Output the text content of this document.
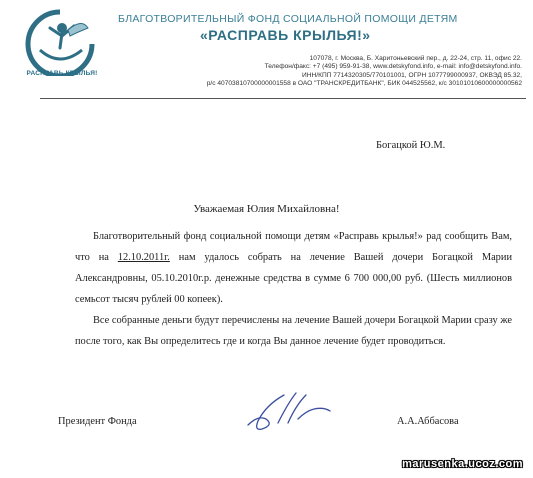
РАСПРАВЬ КРЫЛЬЯ!
БЛАГОТВОРИТЕЛЬНЫЙ ФОНД СОЦИАЛЬНОЙ ПОМОЩИ ДЕТЯМ
«РАСПРАВЬ КРЫЛЬЯ!»
107078, г. Москва, Б. Харитоньевский пер., д. 22-24, стр. 11, офис 22.
Телефон/факс: +7 (495) 959-91-38, www.detskyfond.info, e-mail: info@detskyfond.info.
ИНН/КПП 7714320305/770101001, ОГРН 1077799000937, ОКВЭД 85.32,
р/с 40703810700000001558 в ОАО "ТРАНСКРЕДИТБАНК", БИК 044525562, к/с 30101010600000000562
Богацкой Ю.М.
Уважаемая Юлия Михайловна!

Благотворительный фонд социальной помощи детям «Расправь крылья!» рад сообщить Вам, что на 12.10.2011г. нам удалось собрать на лечение Вашей дочери Богацкой Марии Александровны, 05.10.2010г.р. денежные средства в сумме 6 700 000,00 руб. (Шесть миллионов семьсот тысяч рублей 00 копеек).

Все собранные деньги будут перечислены на лечение Вашей дочери Богацкой Марии сразу же после того, как Вы определитесь где и когда Вы данное лечение будет проводиться.

Президент Фонда	А.А.Аббасова
marusenka.ucoz.com
